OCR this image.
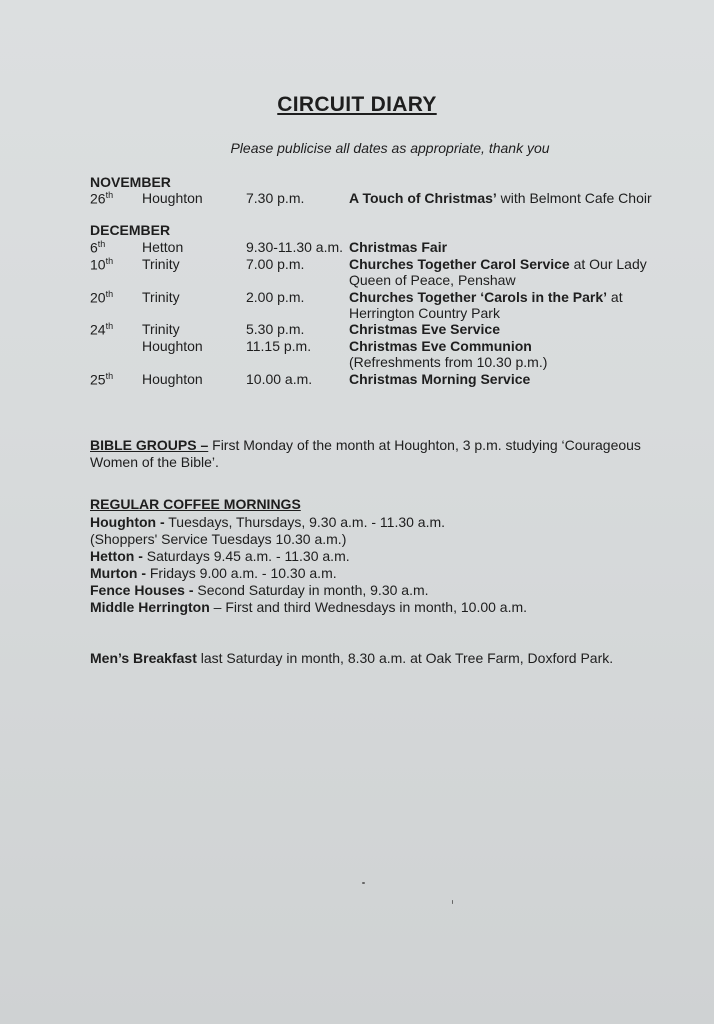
CIRCUIT DIARY
Please publicise all dates as appropriate, thank you
NOVEMBER
26th Houghton	7.30 p.m.	A Touch of Christmas’ with Belmont Cafe Choir
DECEMBER
6th	Hetton	9.30-11.30 a.m. Christmas Fair
10th Trinity	7.00 p.m.	Churches Together Carol Service at Our Lady
Queen of Peace, Penshaw
20th Trinity	2.00 p.m.	Churches Together ‘Carols in the Park’ at
Herrington Country Park
24th Trinity	5.30 p.m.	Christmas Eve Service
Houghton	11.15 p.m.	Christmas Eve Communion
(Refreshments from 10.30 p.m.)
25th Houghton	10.00 a.m.	Christmas Morning Service
BIBLE GROUPS – First Monday of the month at Houghton, 3 p.m. studying ‘Courageous
Women of the Bible’.
REGULAR COFFEE MORNINGS
Houghton - Tuesdays, Thursdays, 9.30 a.m. - 11.30 a.m.
(Shoppers' Service Tuesdays 10.30 a.m.)
Hetton - Saturdays 9.45 a.m. - 11.30 a.m.
Murton - Fridays 9.00 a.m. - 10.30 a.m.
Fence Houses - Second Saturday in month, 9.30 a.m.
Middle Herrington – First and third Wednesdays in month, 10.00 a.m.
Men’s Breakfast last Saturday in month, 8.30 a.m. at Oak Tree Farm, Doxford Park.
